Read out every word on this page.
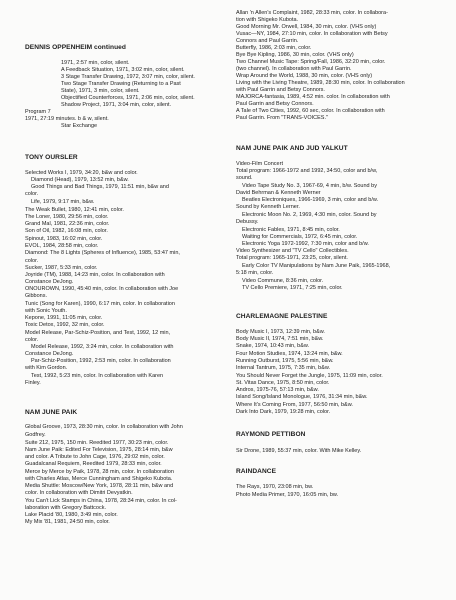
DENNIS OPPENHEIM continued
1971, 2:57 min, color, silent.
A Feedback Situation, 1971, 3:02 min, color, silent.
3 Stage Transfer Drawing, 1972, 3:07 min, color, silent.
Two Stage Transfer Drawing (Returning to a Past
State), 1971, 3 min, color, silent.
Objectified Counterforces, 1971, 2:06 min, color, silent.
Shadow Project, 1971, 3:04 min, color, silent.
Program 7
1971, 27:19 minutes. b & w, silent.
Star Exchange
TONY OURSLER
Selected Works I, 1979, 34:20, b&w and color.
Diamond (Head), 1979, 13:52 min, b&w.
Good Things and Bad Things, 1979, 11:51 min, b&w and
color.
Life, 1979, 9:17 min, b&w.
The Weak Bullet, 1980, 12:41 min, color.
The Loner, 1980, 29:56 min, color.
Grand Mal, 1981, 22:36 min, color.
Son of Oil, 1982, 16:08 min, color.
Spinout, 1983, 16:02 min, color.
EVOL, 1984, 28:58 min, color.
Diamond: The 8 Lights (Spheres of Influence), 1985, 53:47 min,
color.
Sucker, 1987, 5:33 min, color.
Joyride (TM), 1988, 14:23 min, color. In collaboration with
Constance DeJong.
ONOUROWN, 1990, 45:40 min, color. In collaboration with Joe
Gibbons.
Tunic (Song for Karen), 1990, 6:17 min, color. In collaboration
with Sonic Youth.
Kepone, 1991, 11:05 min, color.
Toxic Detox, 1992, 32 min, color.
Model Release, Par-Schiz-Position, and Test, 1992, 12 min,
color.
Model Release, 1992, 3:24 min, color. In collaboration with
Constance DeJong.
Par-Schiz-Position, 1992, 2:53 min, color. In collaboration
with Kim Gordon.
Test, 1992, 5:23 min, color. In collaboration with Karen
Finley.
NAM JUNE PAIK
Global Groove, 1973, 28:30 min, color. In collaboration with John
Godfrey.
Suite 212, 1975, 150 min. Reedited 1977, 30:23 min, color.
Nam June Paik: Edited For Television, 1975, 28:14 min, b&w
and color. A Tribute to John Cage, 1976, 29:02 min, color.
Guadalcanal Requiem, Reedited 1979, 28:33 min, color.
Merce by Merce by Paik, 1978, 28 min, color. In collaboration
with Charles Atlas, Merce Cunningham and Shigeko Kubota.
Media Shuttle: Moscow/New York, 1978, 28:11 min, b&w and
color. In collaboration with Dimitri Devyatkin.
You Can't Lick Stamps in China, 1978, 28:34 min, color. In col-
laboration with Gregory Battcock.
Lake Placid '80, 1980, 3:49 min, color.
My Mix '81, 1981, 24:50 min, color.
Allan 'n Allen's Complaint, 1982, 28:33 min, color. In collabora-
tion with Shigeko Kubota.
Good Morning Mr. Orwell, 1984, 30 min, color. (VHS only)
Vusac—NY, 1984, 27:10 min, color. In collaboration with Betsy
Connors and Paul Garrin.
Butterfly, 1986, 2:03 min, color.
Bye Bye Kipling, 1986, 30 min, color. (VHS only)
Two Channel Music Tape: Spring/Fall, 1986, 32:20 min, color.
(two channel). In collaboration with Paul Garrin.
Wrap Around the World, 1988, 30 min, color. (VHS only)
Living with the Living Theatre, 1989, 28:30 min, color. In collaboration
with Paul Garrin and Betsy Connors.
MAJORCA-fantasia, 1989, 4:52 min. color. In collaboration with
Paul Garrin and Betsy Connors.
A Tale of Two Cities, 1992, 60 sec, color. In collaboration with
Paul Garrin. From "TRANS-VOICES."
NAM JUNE PAIK AND JUD YALKUT
Video-Film Concert
Total program: 1966-1972 and 1992, 34:50, color and b/w,
sound.
Video Tape Study No. 3, 1967-69, 4 min, b/w. Sound by
David Behrman & Kenneth Werner
Beatles Electroniques, 1966-1969, 3 min, color and b/w.
Sound by Kenneth Lerner.
Electronic Moon No. 2, 1969, 4:30 min, color. Sound by
Debussy.
Electronic Fables, 1971, 8:45 min, color.
Waiting for Commercials, 1972, 6:45 min, color.
Electronic Yoga 1972-1992, 7:30 min, color and b/w.
Video Synthesizer and "TV Cello" Collectibles.
Total program: 1965-1971, 23:25, color, silent.
Early Color TV Manipulations by Nam June Paik, 1965-1968,
5:18 min, color.
Video Commune, 8:36 min, color.
TV Cello Premiere, 1971, 7:25 min, color.
CHARLEMAGNE PALESTINE
Body Music I, 1973, 12:39 min, b&w.
Body Music II, 1974, 7:51 min, b&w.
Snake, 1974, 10:43 min, b&w.
Four Motion Studies, 1974, 13:24 min, b&w.
Running Outburst, 1975, 5:56 min, b&w.
Internal Tantrum, 1975, 7:35 min, b&w.
You Should Never Forget the Jungle, 1975, 11:09 min, color.
St. Vitas Dance, 1975, 8:50 min, color.
Andros, 1975-76, 57:13 min, b&w.
Island Song/Island Monologue, 1976, 31:34 min, b&w.
Where It's Coming From, 1977, 56:50 min, b&w.
Dark Into Dark, 1979, 19:28 min, color.
RAYMOND PETTIBON
Sir Drone, 1989, 55:37 min, color. With Mike Kelley.
RAINDANCE
The Rays, 1970, 23:08 min, bw.
Photo Media Primer, 1970, 16:05 min, bw.
